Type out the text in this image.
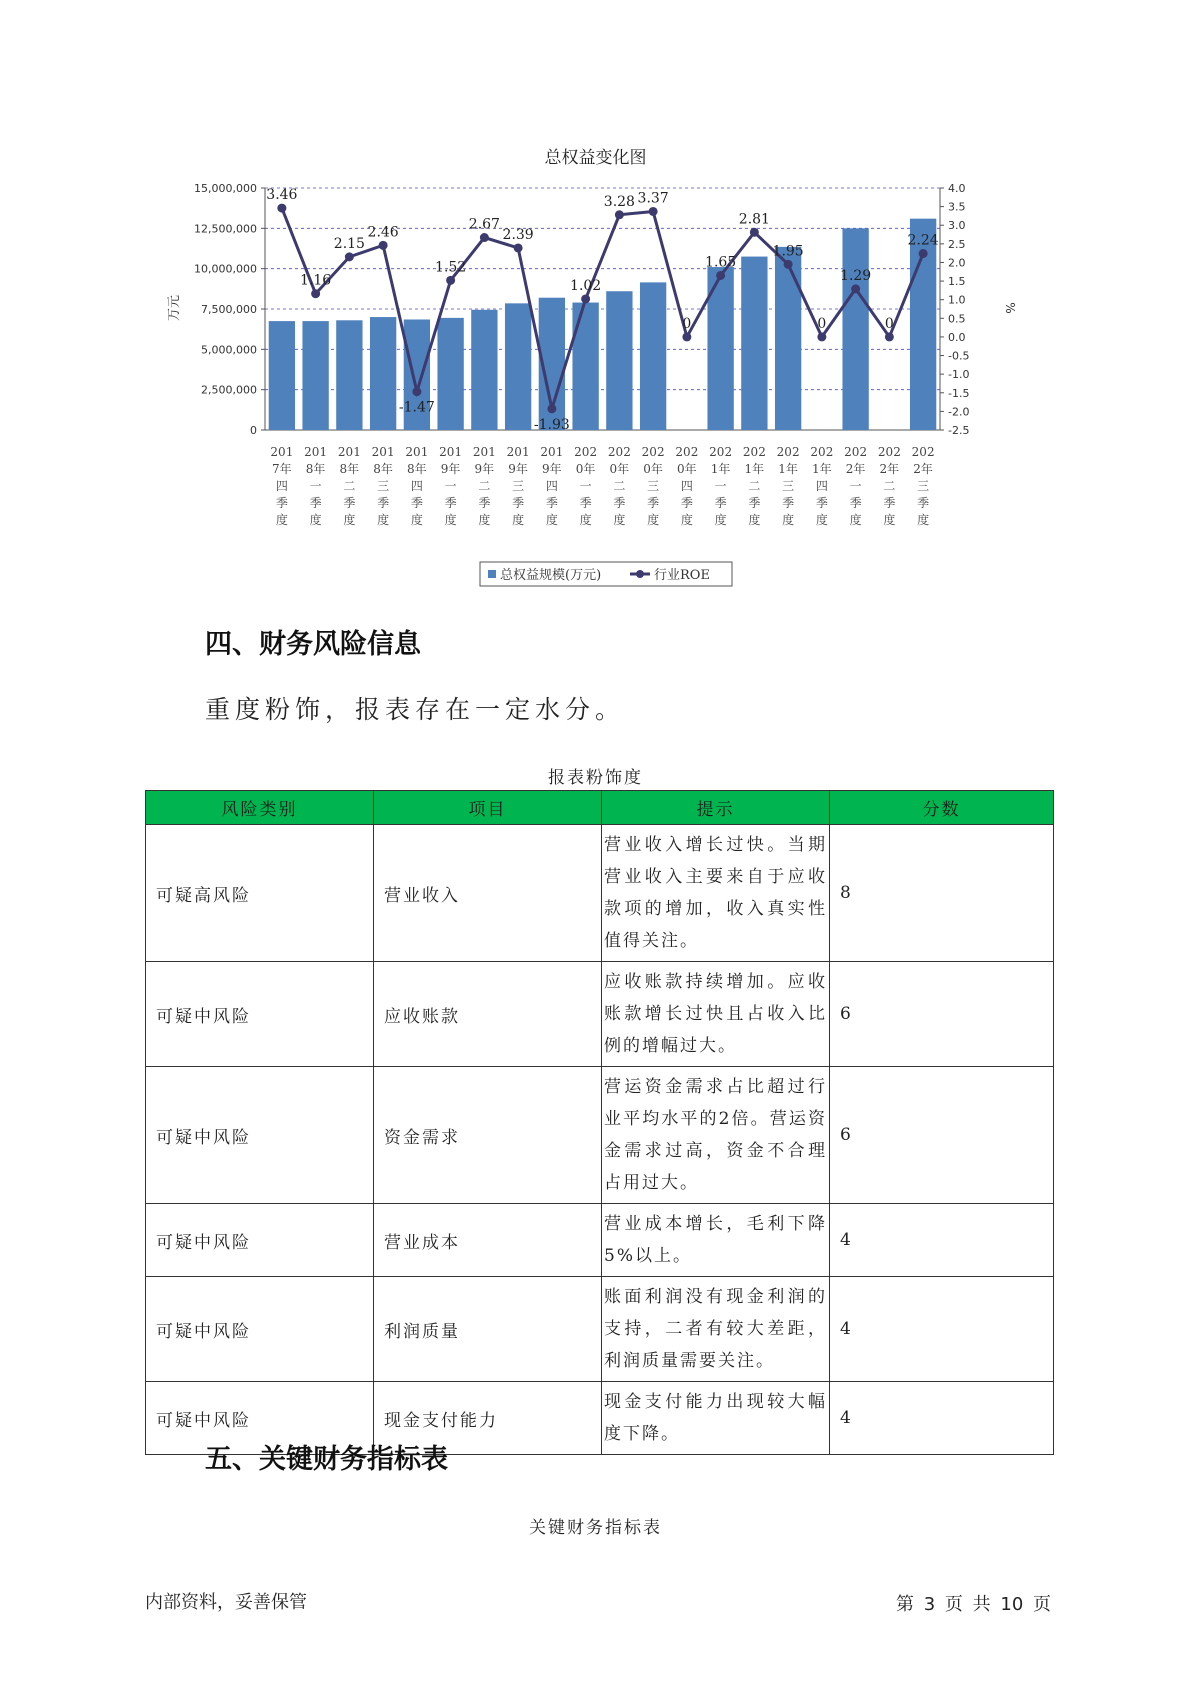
总权益变化图
15,000,000
12,500,000
10,000,000
7,500,000
5,000,000
2,500,000
0
4.0
3.5
3.0
2.5
2.0
1.5
1.0
0.5
0.0
-0.5
-1.0
-1.5
-2.0
-2.5
万元	%
3.46
1.16
2.15
2.46
-1.47
1.52
2.67
2.39
-1.93
1.02
3.28 3.37
0
1.65
2.81
1.95
0
1.29
0
2.24
201 7年四季度
201 8年一季度
201 8年二季度
201 8年三季度
201 8年四季度
201 9年一季度
201 9年二季度
201 9年三季度
201 9年四季度
202 0年一季度
202 0年二季度
202 0年三季度
202 0年四季度
202 1年一季度
202 1年二季度
202 1年三季度
202 1年四季度
202 2年一季度
202 2年二季度
202 2年三季度
总权益规模(万元)	行业ROE
四、财务风险信息
重度粉饰，报表存在一定水分。
报表粉饰度
风险类别	项目	提示	分数
可疑高风险	营业收入	营业收入增长过快。当期营业收入主要来自于应收款项的增加，收入真实性值得关注。	8
可疑中风险	应收账款	应收账款持续增加。应收账款增长过快且占收入比例的增幅过大。	6
可疑中风险	资金需求	营运资金需求占比超过行业平均水平的2倍。营运资金需求过高，资金不合理占用过大。	6
可疑中风险	营业成本	营业成本增长，毛利下降5%以上。	4
可疑中风险	利润质量	账面利润没有现金利润的支持，二者有较大差距，利润质量需要关注。	4
可疑中风险	现金支付能力	现金支付能力出现较大幅度下降。	4
五、关键财务指标表
关键财务指标表
内部资料，妥善保管	第 3 页 共 10 页
